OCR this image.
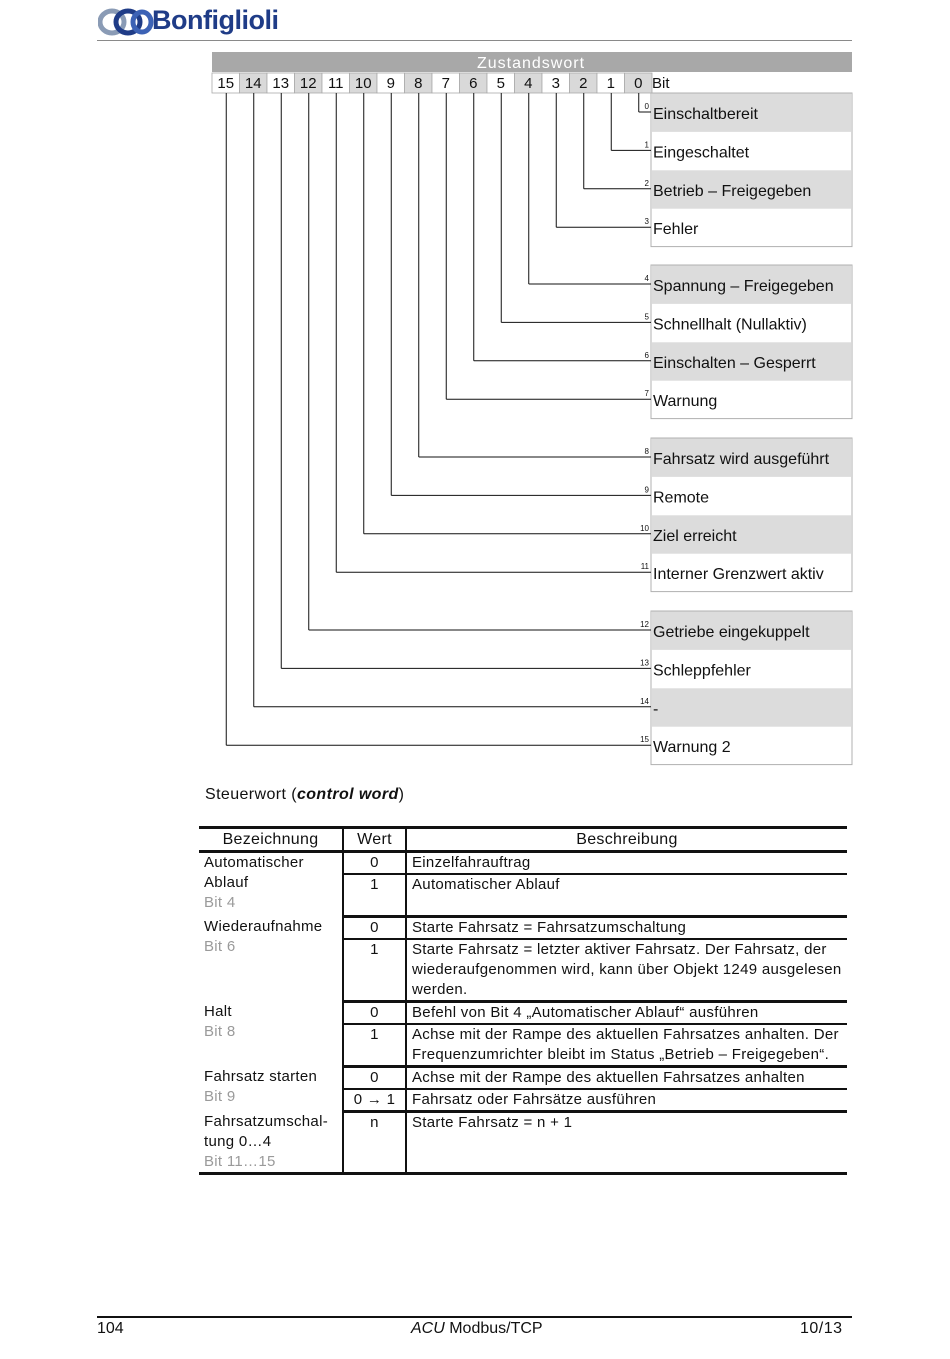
Bonfiglioli
Zustandswort
15 14 13 12 11 10 9 8 7 6 5 4 3 2 1 0 Bit
Einschaltbereit
0
Eingeschaltet
1
Betrieb – Freigegeben
2
Fehler
3
Spannung – Freigegeben
4
Schnellhalt (Nullaktiv)
5
Einschalten – Gesperrt
6
Warnung
7
Fahrsatz wird ausgeführt
8
Remote
9
Ziel erreicht
10
Interner Grenzwert aktiv
11
Getriebe eingekuppelt
12
Schleppfehler
13
-
14
Warnung 2
15
Steuerwort (control word)
Bezeichnung	Wert	Beschreibung
Automatischer Ablauf
Bit 4	0	Einzelfahrauftrag
	1	Automatischer Ablauf
Wiederaufnahme
Bit 6	0	Starte Fahrsatz = Fahrsatzumschaltung
	1	Starte Fahrsatz = letzter aktiver Fahrsatz. Der Fahrsatz, der wiederaufgenommen wird, kann über Objekt 1249 ausgelesen werden.
Halt
Bit 8	0	Befehl von Bit 4 „Automatischer Ablauf“ ausführen
	1	Achse mit der Rampe des aktuellen Fahrsatzes anhalten. Der Frequenzumrichter bleibt im Status „Betrieb – Freigegeben“.
Fahrsatz starten
Bit 9	0	Achse mit der Rampe des aktuellen Fahrsatzes anhalten
	0 → 1	Fahrsatz oder Fahrsätze ausführen
Fahrsatzumschal-tung 0…4
Bit 11…15	n	Starte Fahrsatz = n + 1
104	ACU Modbus/TCP	10/13
